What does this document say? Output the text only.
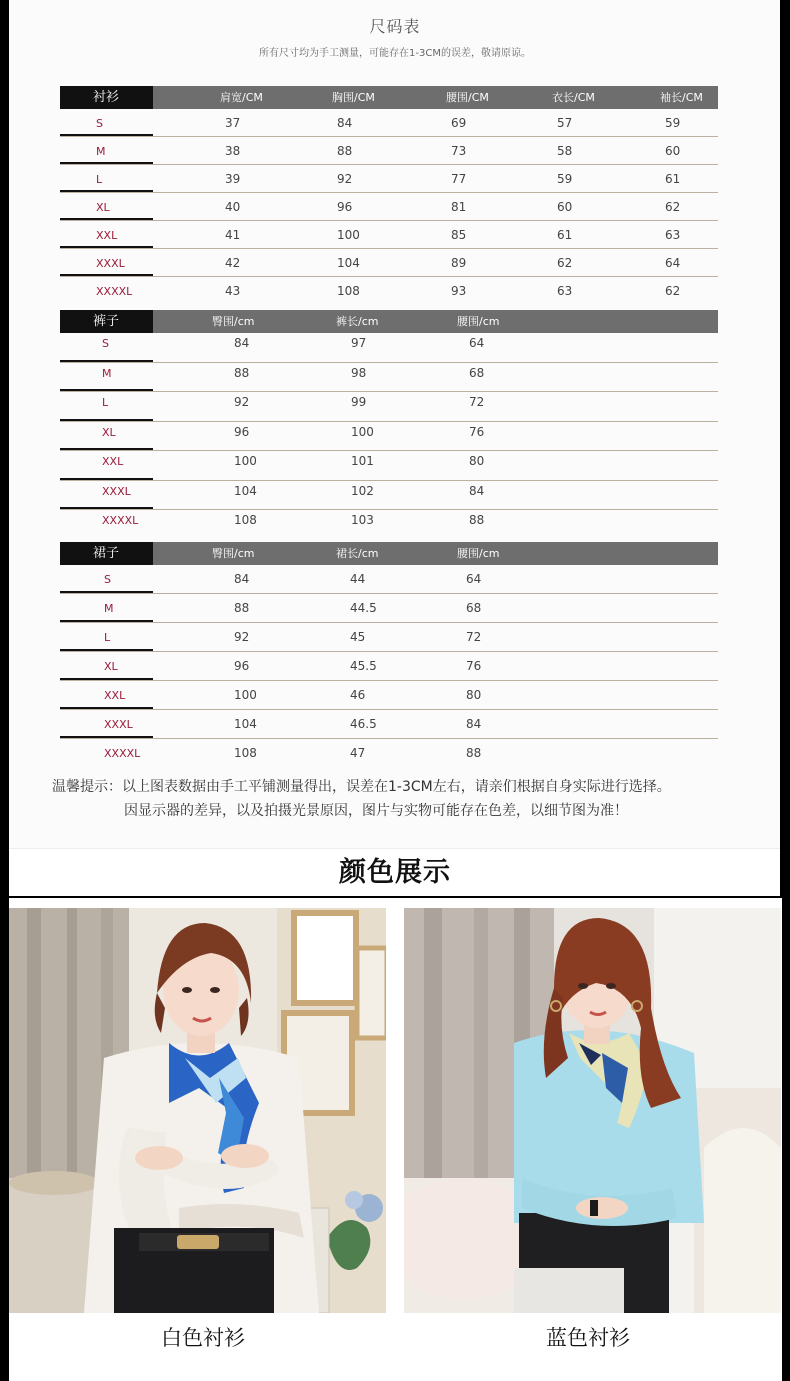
尺码表
所有尺寸均为手工测量，可能存在1-3CM的误差，敬请原谅。
衬衫	肩宽/CM	胸围/CM	腰围/CM	衣长/CM	袖长/CM
S	37	84	69	57	59
M	38	88	73	58	60
L	39	92	77	59	61
XL	40	96	81	60	62
XXL	41	100	85	61	63
XXXL	42	104	89	62	64
XXXXL	43	108	93	63	62
裤子	臀围/cm	裤长/cm	腰围/cm
S	84	97	64
M	88	98	68
L	92	99	72
XL	96	100	76
XXL	100	101	80
XXXL	104	102	84
XXXXL	108	103	88
裙子	臀围/cm	裙长/cm	腰围/cm
S	84	44	64
M	88	44.5	68
L	92	45	72
XL	96	45.5	76
XXL	100	46	80
XXXL	104	46.5	84
XXXXL	108	47	88
温馨提示：以上图表数据由手工平铺测量得出，误差在1-3CM左右，请亲们根据自身实际进行选择。
因显示器的差异，以及拍摄光景原因，图片与实物可能存在色差，以细节图为准！
颜色展示
白色衬衫	蓝色衬衫
